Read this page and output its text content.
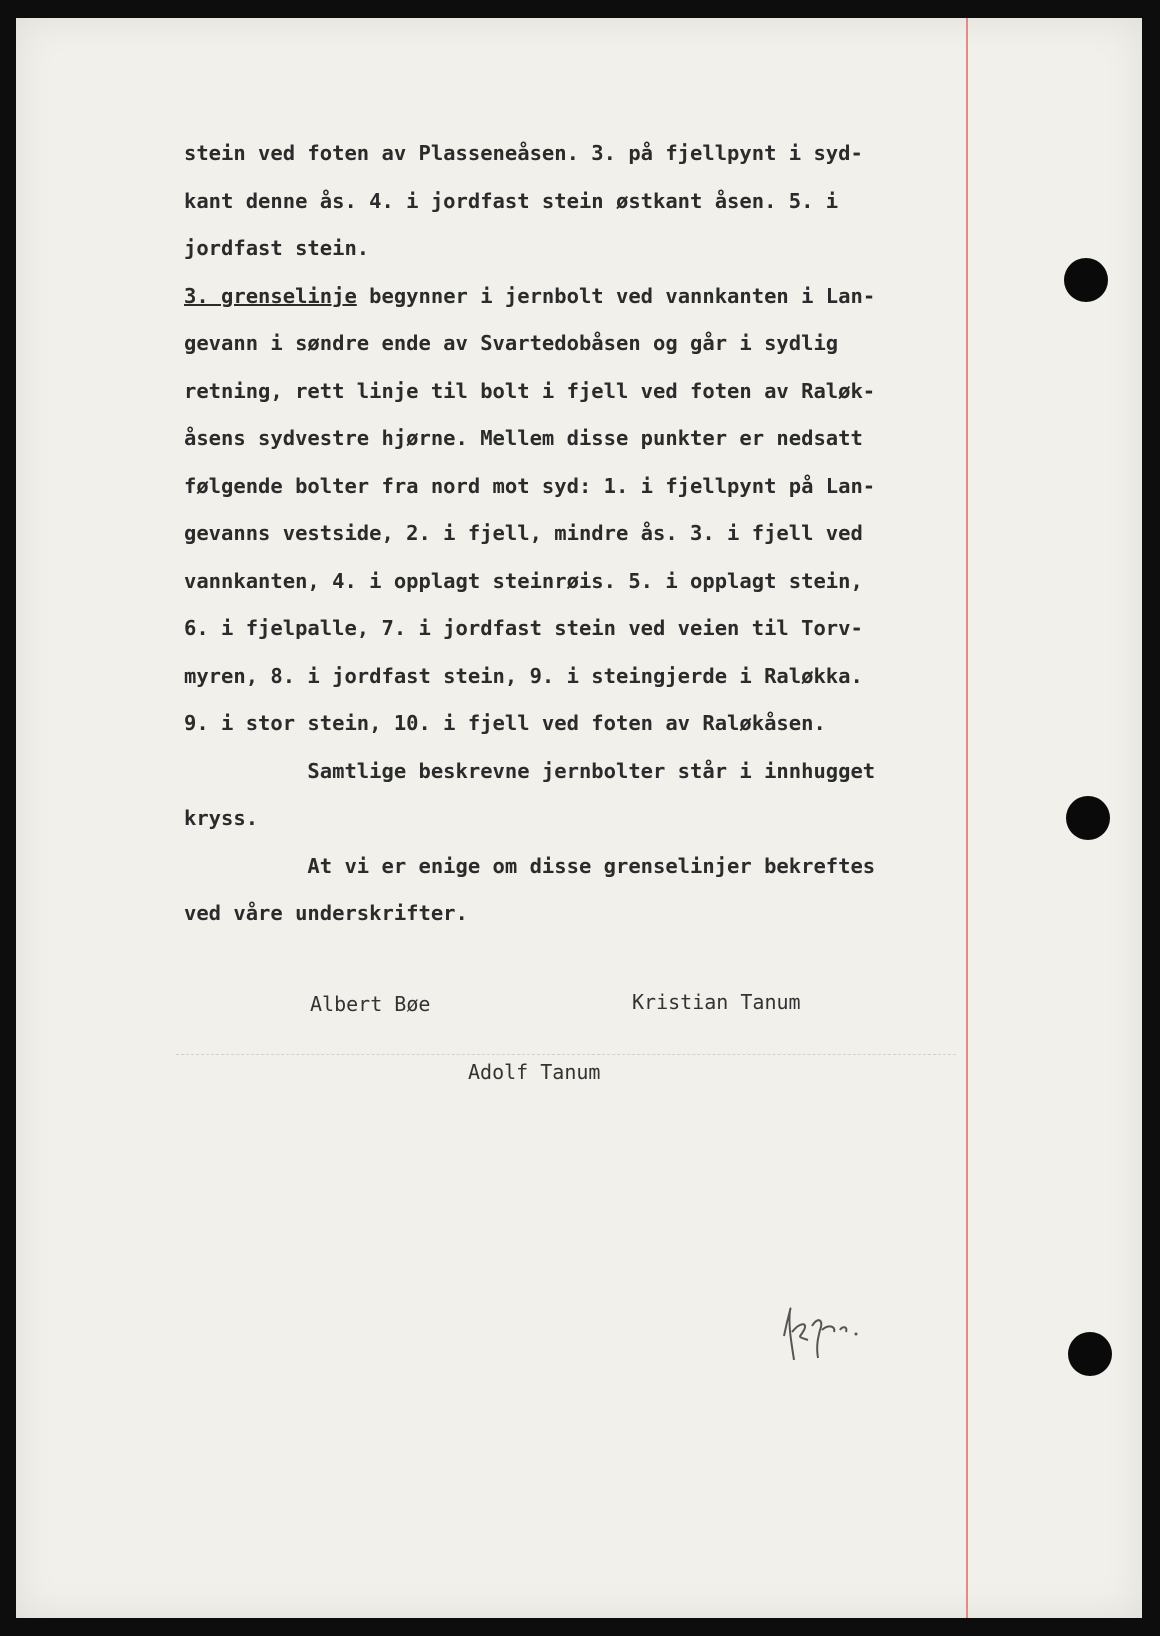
stein ved foten av Plasseneåsen. 3. på fjellpynt i syd-
kant denne ås. 4. i jordfast stein østkant åsen. 5. i
jordfast stein.
3. grenselinje begynner i jernbolt ved vannkanten i Lan-
gevann i søndre ende av Svartedobåsen og går i sydlig
retning, rett linje til bolt i fjell ved foten av Raløk-
åsens sydvestre hjørne. Mellem disse punkter er nedsatt
følgende bolter fra nord mot syd: 1. i fjellpynt på Lan-
gevanns vestside, 2. i fjell, mindre ås. 3. i fjell ved
vannkanten, 4. i opplagt steinrøis. 5. i opplagt stein,
6. i fjelpalle, 7. i jordfast stein ved veien til Torv-
myren, 8. i jordfast stein, 9. i steingjerde i Raløkka.
9. i stor stein, 10. i fjell ved foten av Raløkåsen.
Samtlige beskrevne jernbolter står i innhugget
kryss.
At vi er enige om disse grenselinjer bekreftes
ved våre underskrifter.
Albert Bøe	Kristian Tanum
Adolf Tanum
